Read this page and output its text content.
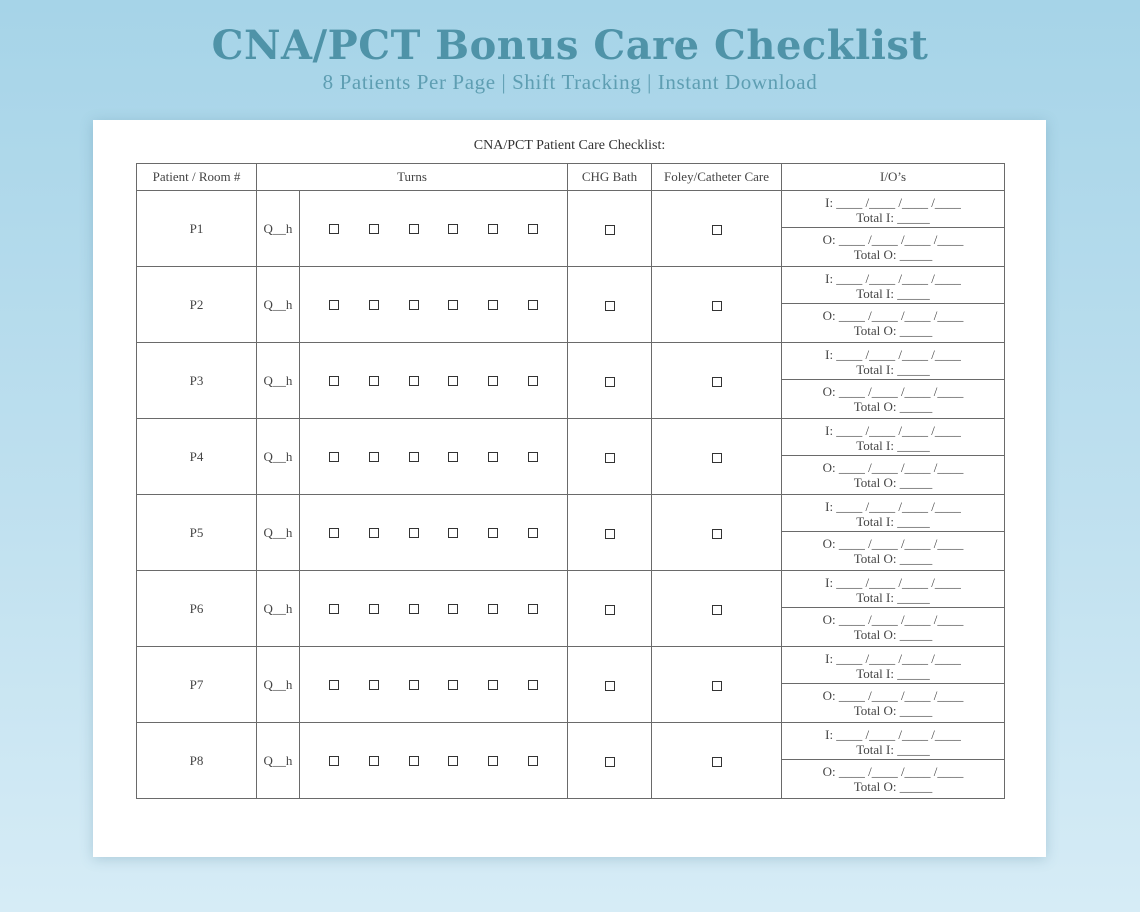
CNA/PCT Bonus Care Checklist
8 Patients Per Page | Shift Tracking | Instant Download
CNA/PCT Patient Care Checklist:
Patient / Room #	Turns		CHG Bath	Foley/Catheter Care	I/O’s
P1	Q__h				I: ____ /____ /____ /____
Total I: _____
O: ____ /____ /____ /____
Total O: _____

P2	Q__h				I: ____ /____ /____ /____
Total I: _____
O: ____ /____ /____ /____
Total O: _____

P3	Q__h				I: ____ /____ /____ /____
Total I: _____
O: ____ /____ /____ /____
Total O: _____

P4	Q__h				I: ____ /____ /____ /____
Total I: _____
O: ____ /____ /____ /____
Total O: _____

P5	Q__h				I: ____ /____ /____ /____
Total I: _____
O: ____ /____ /____ /____
Total O: _____

P6	Q__h				I: ____ /____ /____ /____
Total I: _____
O: ____ /____ /____ /____
Total O: _____

P7	Q__h				I: ____ /____ /____ /____
Total I: _____
O: ____ /____ /____ /____
Total O: _____

P8	Q__h				I: ____ /____ /____ /____
Total I: _____
O: ____ /____ /____ /____
Total O: _____
